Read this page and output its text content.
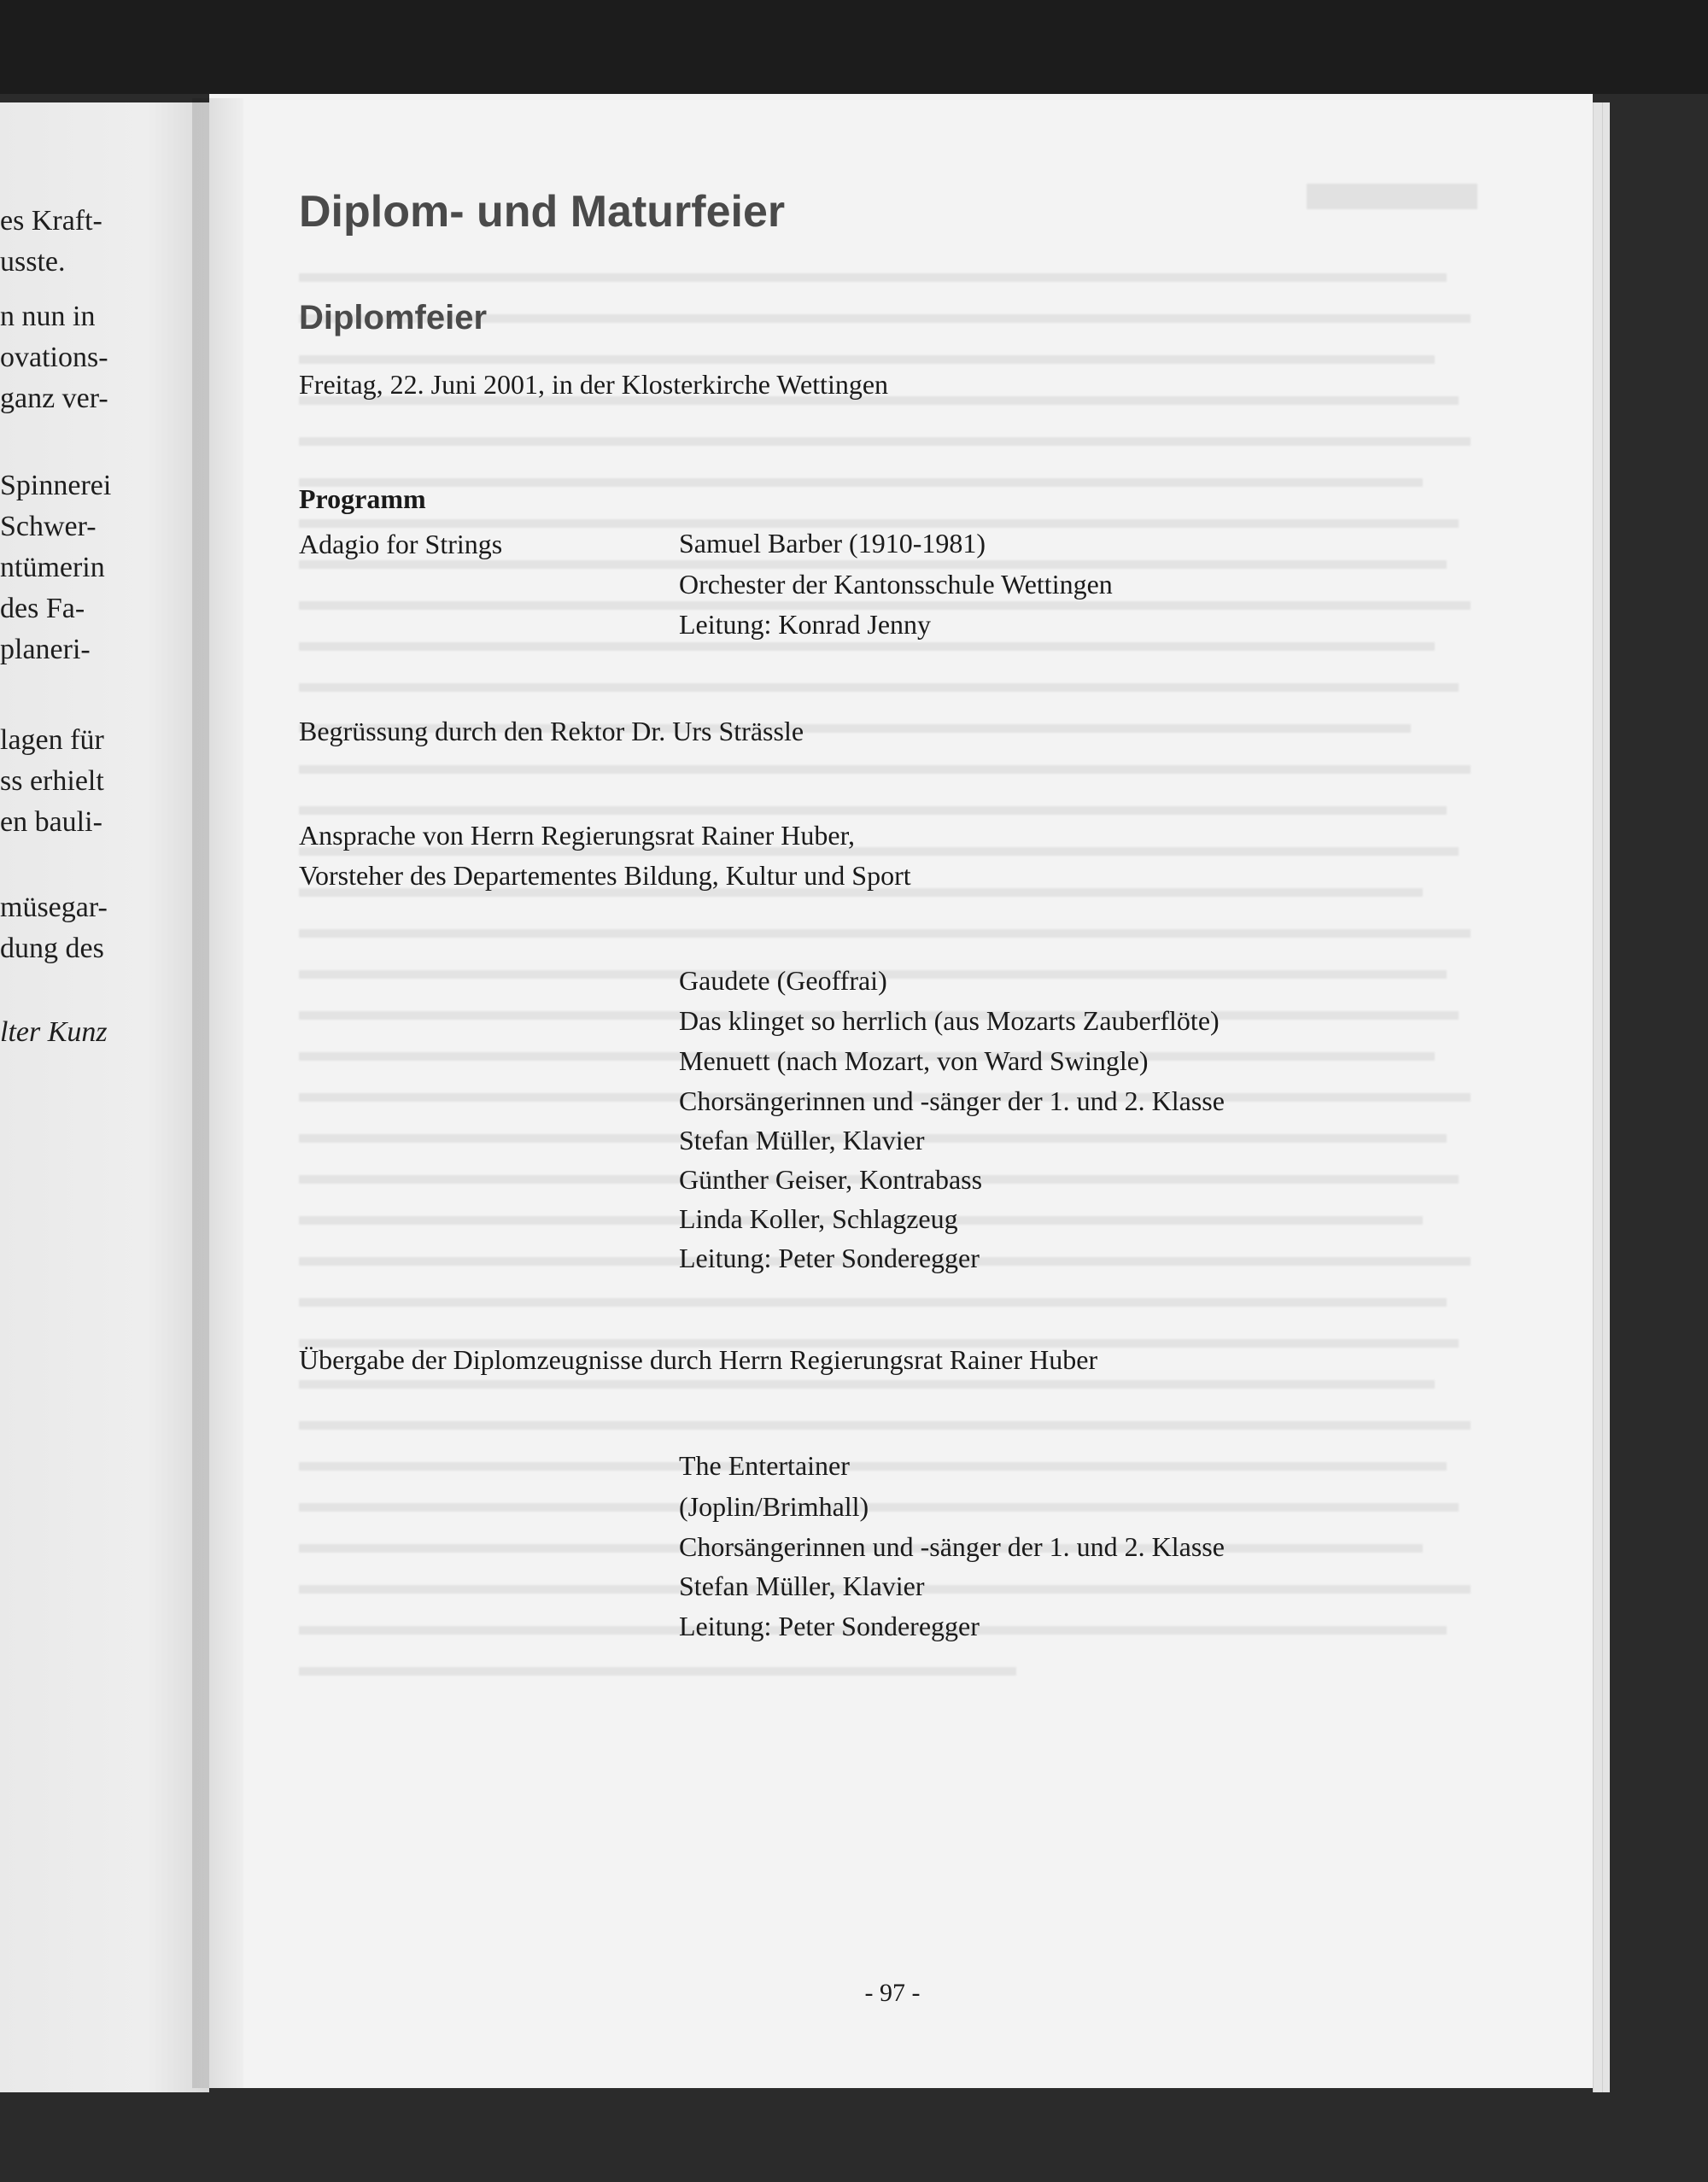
es Kraft-
usste.
n nun in
ovations-
ganz ver-
Spinnerei
Schwer-
ntümerin
des Fa-
planeri-
lagen für
ss erhielt
en bauli-
müsegar-
dung des
lter Kunz
Diplom- und Maturfeier
Diplomfeier
Freitag, 22. Juni 2001, in der Klosterkirche Wettingen
Programm
Adagio for Strings	Samuel Barber (1910-1981)
Orchester der Kantonsschule Wettingen
Leitung: Konrad Jenny
Begrüssung durch den Rektor Dr. Urs Strässle
Ansprache von Herrn Regierungsrat Rainer Huber,
Vorsteher des Departementes Bildung, Kultur und Sport
Gaudete (Geoffrai)
Das klinget so herrlich (aus Mozarts Zauberflöte)
Menuett (nach Mozart, von Ward Swingle)
Chorsängerinnen und -sänger der 1. und 2. Klasse
Stefan Müller, Klavier
Günther Geiser, Kontrabass
Linda Koller, Schlagzeug
Leitung: Peter Sonderegger
Übergabe der Diplomzeugnisse durch Herrn Regierungsrat Rainer Huber
The Entertainer
(Joplin/Brimhall)
Chorsängerinnen und -sänger der 1. und 2. Klasse
Stefan Müller, Klavier
Leitung: Peter Sonderegger
- 97 -
